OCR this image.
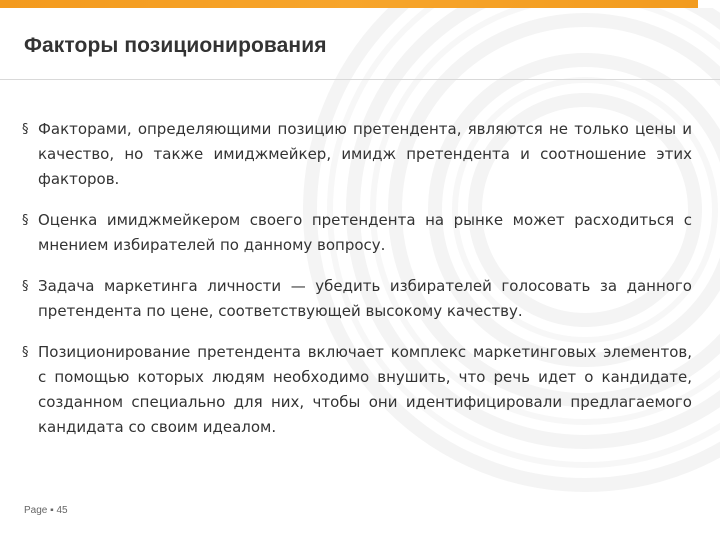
Факторы позиционирования
§ Факторами, определяющими позицию претендента, являются не только цены и качество, но также имиджмейкер, имидж претендента и соотношение этих факторов.
§ Оценка имиджмейкером своего претендента на рынке может расходиться с мнением избирателей по данному вопросу.
§ Задача маркетинга личности — убедить избирателей голосовать за данного претендента по цене, соответствующей высокому качеству.
§ Позиционирование претендента включает комплекс маркетинговых элементов, с помощью которых людям необходимо внушить, что речь идет о кандидате, созданном специально для них, чтобы они идентифицировали предлагаемого кандидата со своим идеалом.
Page ▪ 45
